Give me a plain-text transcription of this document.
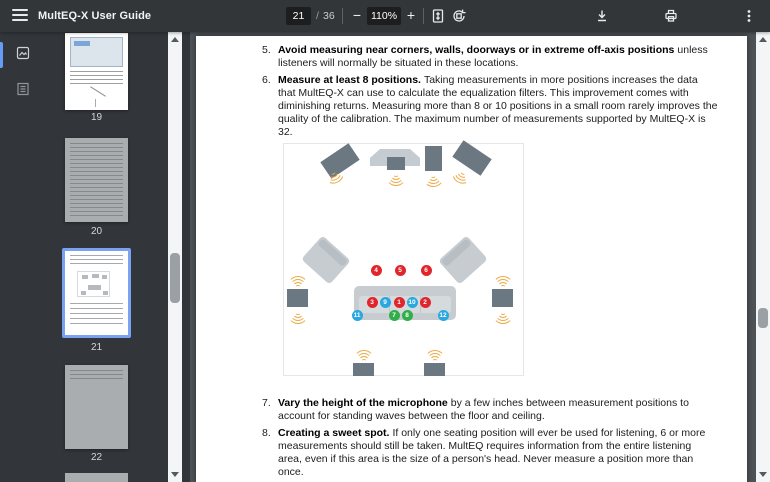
MultEQ-X User Guide	21	/ 36 − 110% +
19
20
21
22
5. Avoid measuring near corners, walls, doorways or in extreme off-axis positions unless listeners will normally be situated in these locations.

6. Measure at least 8 positions. Taking measurements in more positions increases the data that MultEQ-X can use to calculate the equalization filters. This improvement comes with diminishing returns. Measuring more than 8 or 10 positions in a small room rarely improves the quality of the calibration. The maximum number of measurements supported by MultEQ-X is 32.

4	5	6
3	9	1	10	2
11	7	8	12
7. Vary the height of the microphone by a few inches between measurement positions to account for standing waves between the floor and ceiling.

8. Creating a sweet spot. If only one seating position will ever be used for listening, 6 or more measurements should still be taken. MultEQ requires information from the entire listening area, even if this area is the size of a person's head. Never measure a position more than once.
